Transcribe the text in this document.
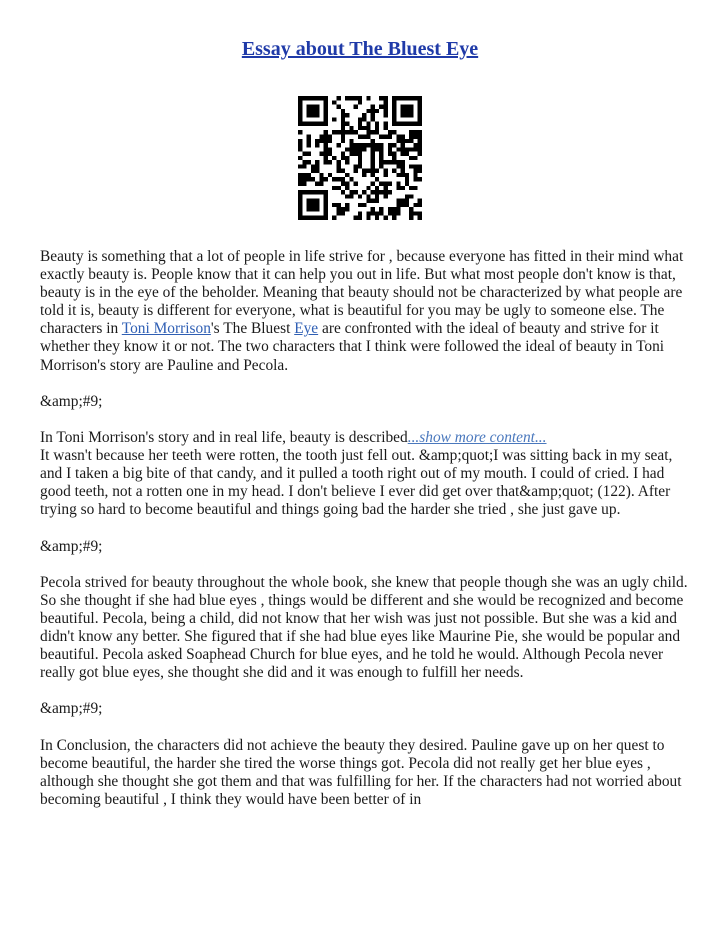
Essay about The Bluest Eye

Beauty is something that a lot of people in life strive for , because everyone has fitted in their mind what exactly beauty is. People know that it can help you out in life. But what most people don't know is that, beauty is in the eye of the beholder. Meaning that beauty should not be characterized by what people are told it is, beauty is different for everyone, what is beautiful for you may be ugly to someone else. The characters in Toni Morrison's The Bluest Eye are confronted with the ideal of beauty and strive for it whether they know it or not. The two characters that I think were followed the ideal of beauty in Toni Morrison's story are Pauline and Pecola.

&amp;#9;

In Toni Morrison's story and in real life, beauty is described...show more content...
It wasn't because her teeth were rotten, the tooth just fell out. &amp;quot;I was sitting back in my seat, and I taken a big bite of that candy, and it pulled a tooth right out of my mouth. I could of cried. I had good teeth, not a rotten one in my head. I don't believe I ever did get over that&amp;quot; (122). After trying so hard to become beautiful and things going bad the harder she tried , she just gave up.

&amp;#9;

Pecola strived for beauty throughout the whole book, she knew that people though she was an ugly child. So she thought if she had blue eyes , things would be different and she would be recognized and become beautiful. Pecola, being a child, did not know that her wish was just not possible. But she was a kid and didn't know any better. She figured that if she had blue eyes like Maurine Pie, she would be popular and beautiful. Pecola asked Soaphead Church for blue eyes, and he told he would. Although Pecola never really got blue eyes, she thought she did and it was enough to fulfill her needs.

&amp;#9;

In Conclusion, the characters did not achieve the beauty they desired. Pauline gave up on her quest to become beautiful, the harder she tired the worse things got. Pecola did not really get her blue eyes , although she thought she got them and that was fulfilling for her. If the characters had not worried about becoming beautiful , I think they would have been better of in
